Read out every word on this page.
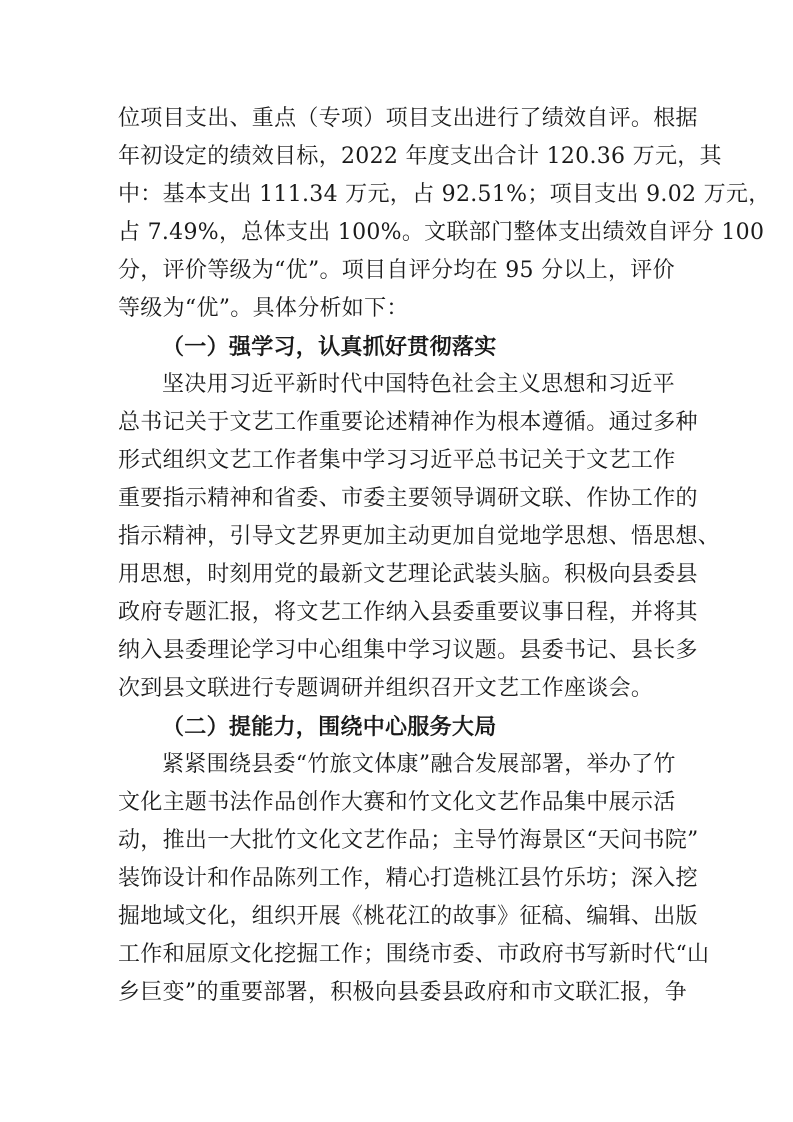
位项目支出、重点（专项）项目支出进行了绩效自评。根据
年初设定的绩效目标，2022 年度支出合计 120.36 万元，其
中：基本支出 111.34 万元，占 92.51%；项目支出 9.02 万元，
占 7.49%，总体支出 100%。文联部门整体支出绩效自评分 100
分，评价等级为“优”。项目自评分均在 95 分以上，评价
等级为“优”。具体分析如下：
（一）强学习，认真抓好贯彻落实
坚决用习近平新时代中国特色社会主义思想和习近平
总书记关于文艺工作重要论述精神作为根本遵循。通过多种
形式组织文艺工作者集中学习习近平总书记关于文艺工作
重要指示精神和省委、市委主要领导调研文联、作协工作的
指示精神，引导文艺界更加主动更加自觉地学思想、悟思想、
用思想，时刻用党的最新文艺理论武装头脑。积极向县委县
政府专题汇报，将文艺工作纳入县委重要议事日程，并将其
纳入县委理论学习中心组集中学习议题。县委书记、县长多
次到县文联进行专题调研并组织召开文艺工作座谈会。
（二）提能力，围绕中心服务大局
紧紧围绕县委“竹旅文体康”融合发展部署，举办了竹
文化主题书法作品创作大赛和竹文化文艺作品集中展示活
动，推出一大批竹文化文艺作品；主导竹海景区“天问书院”
装饰设计和作品陈列工作，精心打造桃江县竹乐坊；深入挖
掘地域文化，组织开展《桃花江的故事》征稿、编辑、出版
工作和屈原文化挖掘工作；围绕市委、市政府书写新时代“山
乡巨变”的重要部署，积极向县委县政府和市文联汇报，争
